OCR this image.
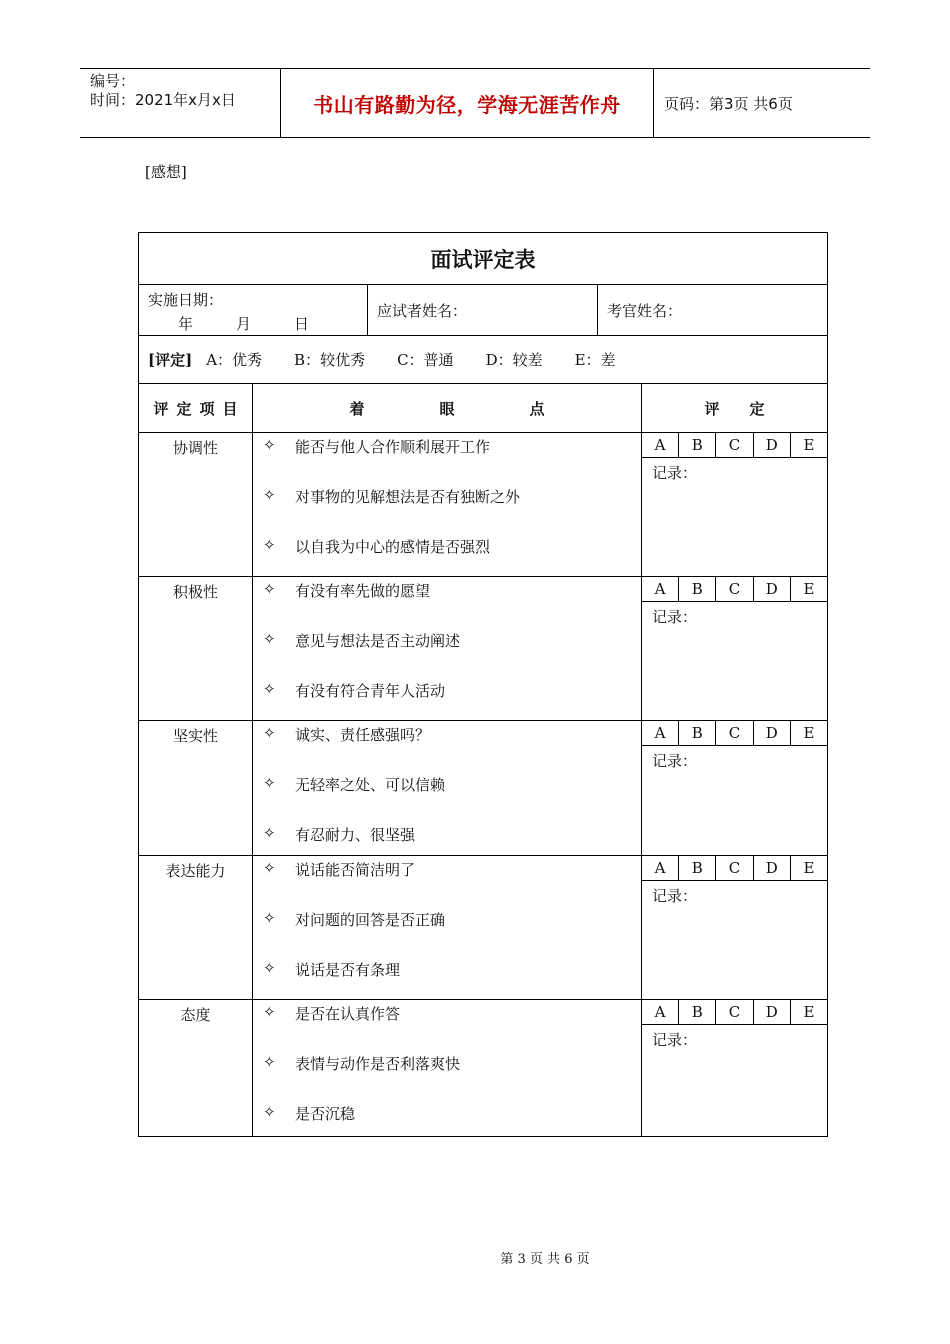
编号：
时间：2021年x月x日	书山有路勤为径，学海无涯苦作舟	页码：第3页 共6页
[感想]
面试评定表
实施日期：
年	月	日
应试者姓名：	考官姓名：
[评定] A：优秀 B：较优秀 C：普通 D：较差 E：差
评定项目	着　　　　　眼　　　　　点	评　　定
协调性	✧	能否与他人合作顺利展开工作
✧	对事物的见解想法是否有独断之外
✧	以自我为中心的感情是否强烈
A	B	C	D	E
记录：
积极性	✧	有没有率先做的愿望
✧	意见与想法是否主动阐述
✧	有没有符合青年人活动
A	B	C	D	E
记录：
坚实性	✧	诚实、责任感强吗？
✧	无轻率之处、可以信赖
✧	有忍耐力、很坚强
A	B	C	D	E
记录：
表达能力	✧	说话能否简洁明了
✧	对问题的回答是否正确
✧	说话是否有条理
A	B	C	D	E
记录：
态度	✧	是否在认真作答
✧	表情与动作是否利落爽快
✧	是否沉稳
A	B	C	D	E
记录：
第 3 页 共 6 页
